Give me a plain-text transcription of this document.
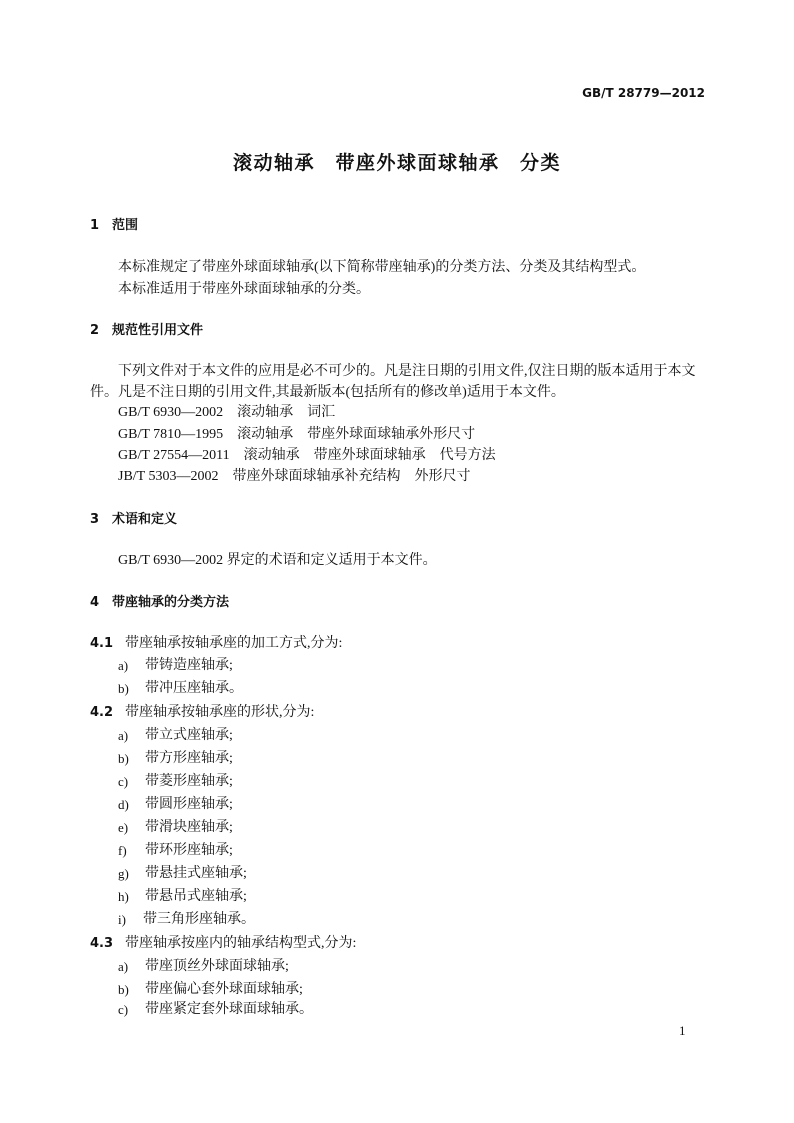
GB/T 28779—2012
滚动轴承　带座外球面球轴承　分类
1 范围
本标准规定了带座外球面球轴承(以下简称带座轴承)的分类方法、分类及其结构型式。
本标准适用于带座外球面球轴承的分类。
2 规范性引用文件
下列文件对于本文件的应用是必不可少的。凡是注日期的引用文件,仅注日期的版本适用于本文
件。凡是不注日期的引用文件,其最新版本(包括所有的修改单)适用于本文件。
GB/T 6930—2002　滚动轴承　词汇
GB/T 7810—1995　滚动轴承　带座外球面球轴承外形尺寸
GB/T 27554—2011　滚动轴承　带座外球面球轴承　代号方法
JB/T 5303—2002　带座外球面球轴承补充结构　外形尺寸
3 术语和定义
GB/T 6930—2002 界定的术语和定义适用于本文件。
4 带座轴承的分类方法
4.1 带座轴承按轴承座的加工方式,分为:
a) 带铸造座轴承;
b) 带冲压座轴承。
4.2 带座轴承按轴承座的形状,分为:
a) 带立式座轴承;
b) 带方形座轴承;
c) 带菱形座轴承;
d) 带圆形座轴承;
e) 带滑块座轴承;
f) 带环形座轴承;
g) 带悬挂式座轴承;
h) 带悬吊式座轴承;
i) 带三角形座轴承。
4.3 带座轴承按座内的轴承结构型式,分为:
a) 带座顶丝外球面球轴承;
b) 带座偏心套外球面球轴承;
c) 带座紧定套外球面球轴承。
1
